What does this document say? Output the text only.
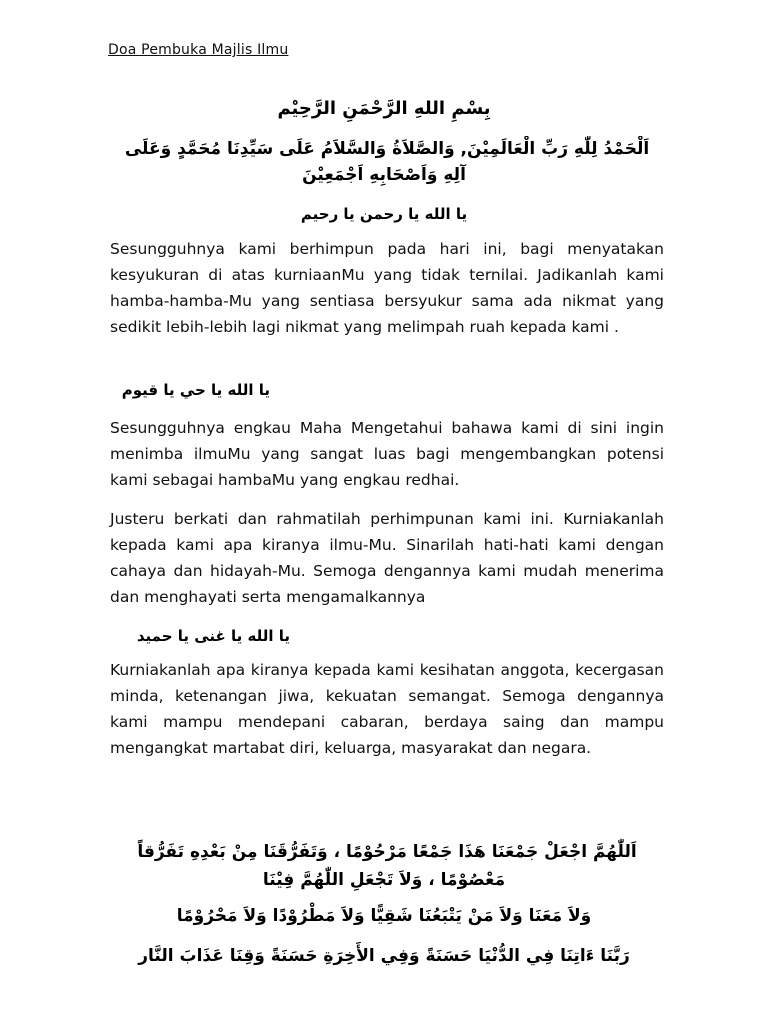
Doa Pembuka Majlis Ilmu
بِسْمِ اللهِ الرَّحْمَنِ الرَّحِيْم
اَلْحَمْدُ لِلّٰهِ رَبِّ الْعَالَمِيْنَ, وَالصَّلاَةُ وَالسَّلاَمُ عَلَى سَيِّدِنَا مُحَمَّدٍ وَعَلَى
آلِهِ وَاَصْحَابِهِ اَجْمَعِيْنَ
يا الله يا رحمن يا رحيم
Sesungguhnya kami berhimpun pada hari ini, bagi menyatakan kesyukuran di atas kurniaanMu yang tidak ternilai. Jadikanlah kami hamba-hamba-Mu yang sentiasa bersyukur sama ada nikmat yang sedikit lebih-lebih lagi nikmat yang melimpah ruah kepada kami .
يا الله يا حي يا قيوم
Sesungguhnya engkau Maha Mengetahui bahawa kami di sini ingin menimba ilmuMu yang sangat luas bagi mengembangkan potensi kami sebagai hambaMu yang engkau redhai.
Justeru berkati dan rahmatilah perhimpunan kami ini. Kurniakanlah kepada kami apa kiranya ilmu-Mu. Sinarilah hati-hati kami dengan cahaya dan hidayah-Mu. Semoga dengannya kami mudah menerima dan menghayati serta mengamalkannya
يا الله يا غنى يا حميد
Kurniakanlah apa kiranya kepada kami kesihatan anggota, kecergasan minda, ketenangan jiwa, kekuatan semangat. Semoga dengannya kami mampu mendepani cabaran, berdaya saing dan mampu mengangkat martabat diri, keluarga, masyarakat dan negara.
اَللّٰهُمَّ اجْعَلْ جَمْعَنَا هَذَا جَمْعًا مَرْحُوْمًا ، وَتَفَرُّقَنَا مِنْ بَعْدِهِ تَفَرُّقاً
مَعْصُوْمًا ، وَلاَ تَجْعَلِ اللّٰهُمَّ فِيْنَا
وَلاَ مَعَنَا وَلاَ مَنْ يَتْبَعُنَا شَقِيًّا وَلاَ مَطْرُوْدًا وَلاَ مَحْرُوْمًا
رَبَّنَا ءَاتِنَا فِي الدُّنْيَا حَسَنَةً وَفِي الأَخِرَةِ حَسَنَةً وَقِنَا عَذَابَ النَّار
